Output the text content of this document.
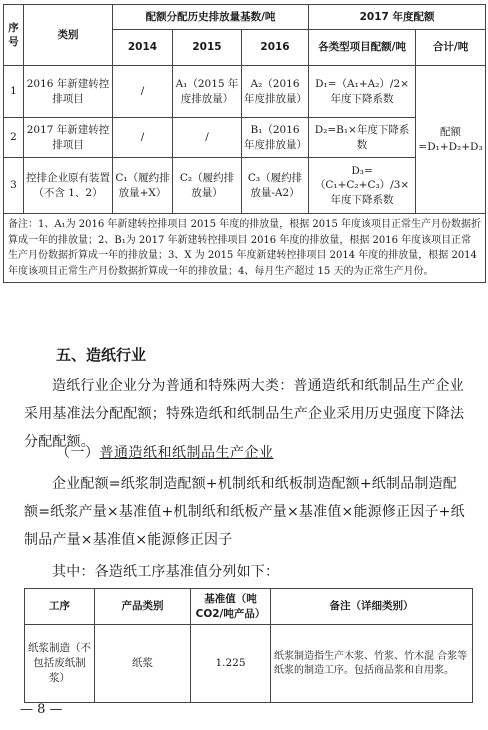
序号	类别	配额分配历史排放量基数/吨			2017 年度配额	
		2014	2015	2016	各类型项目配额/吨	合计/吨
1	2016 年新建转控排项目	/	A₁（2015 年度排放量）	A₂（2016 年度排放量）	D₁=（A₁+A₂）/2×年度下降系数	配额=D₁+D₂+D₃
2	2017 年新建转控排项目	/	/	B₁（2016 年度排放量）	D₂=B₁×年度下降系数	
3	控排企业原有装置（不含 1、2）	C₁（履约排放量+X）	C₂（履约排放量）	C₃（履约排放量-A2）	D₃=（C₁+C₂+C₃）/3×年度下降系数	
备注：1、A₁为 2016 年新建转控排项目 2015 年度的排放量，根据 2015 年度该项目正常生产月份数据折算成一年的排放量；2、B₁为 2017 年新建转控排项目 2016 年度的排放量，根据 2016 年度该项目正常生产月份数据折算成一年的排放量；3、X 为 2015 年度新建转控排项目 2014 年度的排放量，根据 2014 年度该项目正常生产月份数据折算成一年的排放量；4、每月生产超过 15 天的为正常生产月份。						
五、造纸行业

造纸行业企业分为普通和特殊两大类：普通造纸和纸制品生产企业采用基准法分配配额；特殊造纸和纸制品生产企业采用历史强度下降法分配配额。

（一）普通造纸和纸制品生产企业

企业配额=纸浆制造配额+机制纸和纸板制造配额+纸制品制造配额=纸浆产量×基准值+机制纸和纸板产量×基准值×能源修正因子+纸制品产量×基准值×能源修正因子

其中：各造纸工序基准值分列如下：

工序	产品类别	基准值（吨CO2/吨产品）	备注（详细类别）
纸浆制造（不包括废纸制浆）	纸浆	1.225	纸浆制造指生产木浆、竹浆、竹木混 合浆等纸浆的制造工序。包括商品浆和自用浆。
— 8 —
